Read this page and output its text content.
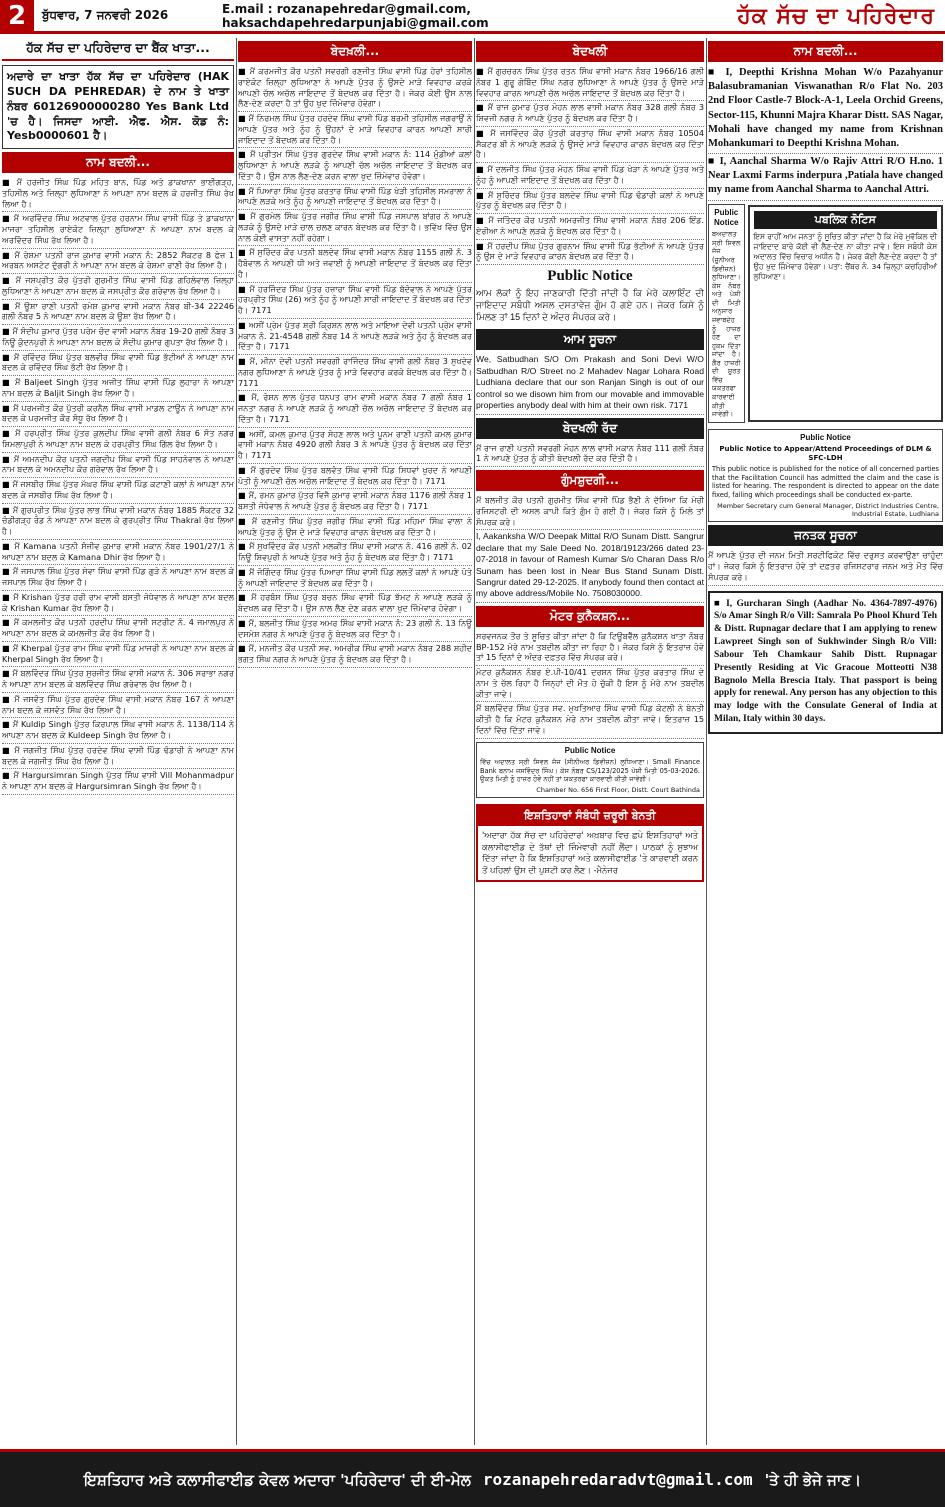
2	ਬੁੱਧਵਾਰ, 7 ਜਨਵਰੀ 2026	E.mail : rozanapehredar@gmail.com, haksachdapehredarpunjabi@gmail.com	ਹੱਕ ਸੱਚ ਦਾ ਪਹਿਰੇਦਾਰ
ਹੱਕ ਸੱਚ ਦਾ ਪਹਿਰੇਦਾਰ ਦਾ ਬੈਂਕ ਖਾਤਾ...
ਅਦਾਰੇ ਦਾ ਖਾਤਾ ਹੱਕ ਸੱਚ ਦਾ ਪਹਿਰੇਦਾਰ (HAK SUCH DA PEHREDAR) ਦੇ ਨਾਮ ਤੇ ਖਾਤਾ ਨੰਬਰ 60126900000280 Yes Bank Ltd 'ਚ ਹੈ। ਜਿਸਦਾ ਆਈ. ਐਫ. ਐਸ. ਕੋਡ ਨੰ: Yesb0000601 ਹੈ।
ਨਾਮ ਬਦਲੀ...
■ ਮੈਂ ਹਰਜੀਤ ਸਿੰਘ ਪਿੰਡ ਮਹਿਤ ਬਾਨ, ਪਿੰਡ ਅਤੇ ਡਾਕਖਾਨਾ ਭਾਈਗੜ੍ਹ, ਤਹਿਸੀਲ ਅਤੇ ਜ਼ਿਲ੍ਹਾ ਲੁਧਿਆਣਾ ਨੇ ਆਪਣਾ ਨਾਮ ਬਦਲ ਕੇ ਹਰਜੀਤ ਸਿੰਘ ਰੱਖ ਲਿਆ ਹੈ।
■ ਮੈਂ ਅਰਵਿੰਦਰ ਸਿੰਘ ਅਟਵਾਲ ਪੁੱਤਰ ਹਰਨਾਮ ਸਿੰਘ ਵਾਸੀ ਪਿੰਡ ਤੇ ਡਾਕਖਾਨਾ ਮਾਜਰਾ ਤਹਿਸੀਲ ਰਾਏਕੋਟ ਜ਼ਿਲ੍ਹਾ ਲੁਧਿਆਣਾ ਨੇ ਆਪਣਾ ਨਾਮ ਬਦਲ ਕੇ ਅਰਵਿੰਦਰ ਸਿੰਘ ਰੱਖ ਲਿਆ ਹੈ।
■ ਮੈਂ ਰੇਸ਼ਮਾ ਪਤਨੀ ਰਾਜ ਕੁਮਾਰ ਵਾਸੀ ਮਕਾਨ ਨੰ: 2852 ਸੈਕਟਰ 8 ਫੇਜ਼ 1 ਅਰਬਨ ਅਸਟੇਟ ਦੁੱਗਰੀ ਨੇ ਆਪਣਾ ਨਾਮ ਬਦਲ ਕੇ ਰੇਸ਼ਮਾ ਰਾਣੀ ਰੱਖ ਲਿਆ ਹੈ।
■ ਮੈਂ ਜਸਪ੍ਰੀਤ ਕੌਰ ਪੁੱਤਰੀ ਗੁਰਮੀਤ ਸਿੰਘ ਵਾਸੀ ਪਿੰਡ ਗਹਿਲੇਵਾਲ ਜ਼ਿਲ੍ਹਾ ਲੁਧਿਆਣਾ ਨੇ ਆਪਣਾ ਨਾਮ ਬਦਲ ਕੇ ਜਸਪ੍ਰੀਤ ਕੌਰ ਗਰੇਵਾਲ ਰੱਖ ਲਿਆ ਹੈ।
■ ਮੈਂ ਊਸ਼ਾ ਰਾਣੀ ਪਤਨੀ ਰਮੇਸ਼ ਕੁਮਾਰ ਵਾਸੀ ਮਕਾਨ ਨੰਬਰ ਬੀ-34 22246 ਗਲੀ ਨੰਬਰ 5 ਨੇ ਆਪਣਾ ਨਾਮ ਬਦਲ ਕੇ ਊਸ਼ਾ ਰੱਖ ਲਿਆ ਹੈ।
■ ਮੈਂ ਸੰਦੀਪ ਕੁਮਾਰ ਪੁੱਤਰ ਪਰੇਮ ਚੰਦ ਵਾਸੀ ਮਕਾਨ ਨੰਬਰ 19-20 ਗਲੀ ਨੰਬਰ 3 ਨਿਊ ਕੁੰਦਨਪੁਰੀ ਨੇ ਆਪਣਾ ਨਾਮ ਬਦਲ ਕੇ ਸੰਦੀਪ ਕੁਮਾਰ ਗੁਪਤਾ ਰੱਖ ਲਿਆ ਹੈ।
■ ਮੈਂ ਰਵਿੰਦਰ ਸਿੰਘ ਪੁੱਤਰ ਬਲਵੀਰ ਸਿੰਘ ਵਾਸੀ ਪਿੰਡ ਭੱਟੀਆਂ ਨੇ ਆਪਣਾ ਨਾਮ ਬਦਲ ਕੇ ਰਵਿੰਦਰ ਸਿੰਘ ਭੱਟੀ ਰੱਖ ਲਿਆ ਹੈ।
■ ਮੈਂ Baljeet Singh ਪੁੱਤਰ ਅਜੀਤ ਸਿੰਘ ਵਾਸੀ ਪਿੰਡ ਲੁਹਾਰਾ ਨੇ ਆਪਣਾ ਨਾਮ ਬਦਲ ਕੇ Baljit Singh ਰੱਖ ਲਿਆ ਹੈ।
■ ਮੈਂ ਪਰਮਜੀਤ ਕੌਰ ਪੁੱਤਰੀ ਕਰਨੈਲ ਸਿੰਘ ਵਾਸੀ ਮਾਡਲ ਟਾਊਨ ਨੇ ਆਪਣਾ ਨਾਮ ਬਦਲ ਕੇ ਪਰਮਜੀਤ ਕੌਰ ਸੰਧੂ ਰੱਖ ਲਿਆ ਹੈ।
■ ਮੈਂ ਹਰਪ੍ਰੀਤ ਸਿੰਘ ਪੁੱਤਰ ਕੁਲਦੀਪ ਸਿੰਘ ਵਾਸੀ ਗਲੀ ਨੰਬਰ 6 ਸੰਤ ਨਗਰ ਸ਼ਿਮਲਾਪੁਰੀ ਨੇ ਆਪਣਾ ਨਾਮ ਬਦਲ ਕੇ ਹਰਪ੍ਰੀਤ ਸਿੰਘ ਗਿੱਲ ਰੱਖ ਲਿਆ ਹੈ।
■ ਮੈਂ ਅਮਨਦੀਪ ਕੌਰ ਪਤਨੀ ਜਗਦੀਪ ਸਿੰਘ ਵਾਸੀ ਪਿੰਡ ਸਾਹਨੇਵਾਲ ਨੇ ਆਪਣਾ ਨਾਮ ਬਦਲ ਕੇ ਅਮਨਦੀਪ ਕੌਰ ਗਰੇਵਾਲ ਰੱਖ ਲਿਆ ਹੈ।
■ ਮੈਂ ਜਸਬੀਰ ਸਿੰਘ ਪੁੱਤਰ ਮੱਘਰ ਸਿੰਘ ਵਾਸੀ ਪਿੰਡ ਕਟਾਣੀ ਕਲਾਂ ਨੇ ਆਪਣਾ ਨਾਮ ਬਦਲ ਕੇ ਜਸਬੀਰ ਸਿੰਘ ਰੱਖ ਲਿਆ ਹੈ।
■ ਮੈਂ ਗੁਰਪ੍ਰੀਤ ਸਿੰਘ ਪੁੱਤਰ ਲਾਭ ਸਿੰਘ ਵਾਸੀ ਮਕਾਨ ਨੰਬਰ 1885 ਸੈਕਟਰ 32 ਚੰਡੀਗੜ੍ਹ ਰੋਡ ਨੇ ਆਪਣਾ ਨਾਮ ਬਦਲ ਕੇ ਗੁਰਪ੍ਰੀਤ ਸਿੰਘ Thakral ਰੱਖ ਲਿਆ ਹੈ।
■ ਮੈਂ Kamana ਪਤਨੀ ਸੰਜੀਵ ਕੁਮਾਰ ਵਾਸੀ ਮਕਾਨ ਨੰਬਰ 1901/27/1 ਨੇ ਆਪਣਾ ਨਾਮ ਬਦਲ ਕੇ Kamana Dhir ਰੱਖ ਲਿਆ ਹੈ।
■ ਮੈਂ ਜਸਪਾਲ ਸਿੰਘ ਪੁੱਤਰ ਸੇਵਾ ਸਿੰਘ ਵਾਸੀ ਪਿੰਡ ਗੁੜੇ ਨੇ ਆਪਣਾ ਨਾਮ ਬਦਲ ਕੇ ਜਸਪਾਲ ਸਿੰਘ ਰੱਖ ਲਿਆ ਹੈ।
■ ਮੈਂ Krishan ਪੁੱਤਰ ਹਰੀ ਰਾਮ ਵਾਸੀ ਬਸਤੀ ਜੋਧੇਵਾਲ ਨੇ ਆਪਣਾ ਨਾਮ ਬਦਲ ਕੇ Krishan Kumar ਰੱਖ ਲਿਆ ਹੈ।
■ ਮੈਂ ਕਮਲਜੀਤ ਕੌਰ ਪਤਨੀ ਹਰਦੀਪ ਸਿੰਘ ਵਾਸੀ ਸਟਰੀਟ ਨੰ. 4 ਜਮਾਲਪੁਰ ਨੇ ਆਪਣਾ ਨਾਮ ਬਦਲ ਕੇ ਕਮਲਜੀਤ ਕੌਰ ਰੱਖ ਲਿਆ ਹੈ।
■ ਮੈਂ Kherpal ਪੁੱਤਰ ਰਾਮ ਸਿੰਘ ਵਾਸੀ ਪਿੰਡ ਮਾਜਰੀ ਨੇ ਆਪਣਾ ਨਾਮ ਬਦਲ ਕੇ Kherpal Singh ਰੱਖ ਲਿਆ ਹੈ।
■ ਮੈਂ ਬਲਵਿੰਦਰ ਸਿੰਘ ਪੁੱਤਰ ਸੁਰਜੀਤ ਸਿੰਘ ਵਾਸੀ ਮਕਾਨ ਨੰ. 306 ਸਰਾਭਾ ਨਗਰ ਨੇ ਆਪਣਾ ਨਾਮ ਬਦਲ ਕੇ ਬਲਵਿੰਦਰ ਸਿੰਘ ਗਰੇਵਾਲ ਰੱਖ ਲਿਆ ਹੈ।
■ ਮੈਂ ਜਸਵੰਤ ਸਿੰਘ ਪੁੱਤਰ ਗੁਰਦੇਵ ਸਿੰਘ ਵਾਸੀ ਮਕਾਨ ਨੰਬਰ 167 ਨੇ ਆਪਣਾ ਨਾਮ ਬਦਲ ਕੇ ਜਸਵੰਤ ਸਿੰਘ ਰੱਖ ਲਿਆ ਹੈ।
■ ਮੈਂ Kuldip Singh ਪੁੱਤਰ ਕਿਰਪਾਲ ਸਿੰਘ ਵਾਸੀ ਮਕਾਨ ਨੰ. 1138/114 ਨੇ ਆਪਣਾ ਨਾਮ ਬਦਲ ਕੇ Kuldeep Singh ਰੱਖ ਲਿਆ ਹੈ।
■ ਮੈਂ ਜਗਜੀਤ ਸਿੰਘ ਪੁੱਤਰ ਹਰਦੇਵ ਸਿੰਘ ਵਾਸੀ ਪਿੰਡ ਢੰਡਾਰੀ ਨੇ ਆਪਣਾ ਨਾਮ ਬਦਲ ਕੇ ਜਗਜੀਤ ਸਿੰਘ ਰੱਖ ਲਿਆ ਹੈ।
■ ਮੈਂ Hargursimran Singh ਪੁੱਤਰ ਸਿੰਘ ਵਾਸੀ Vill Mohanmadpur ਨੇ ਆਪਣਾ ਨਾਮ ਬਦਲ ਕੇ Hargursimran Singh ਰੱਖ ਲਿਆ ਹੈ।
ਬੇਦਖ਼ਲੀ...
■ ਮੈਂ ਕਰਮਜੀਤ ਕੌਰ ਪਤਨੀ ਸਵਰਗੀ ਰਣਜੀਤ ਸਿੰਘ ਵਾਸੀ ਪਿੰਡ ਹੇਰਾਂ ਤਹਿਸੀਲ ਰਾਏਕੋਟ ਜ਼ਿਲ੍ਹਾ ਲੁਧਿਆਣਾ ਨੇ ਆਪਣੇ ਪੁੱਤਰ ਨੂੰ ਉਸਦੇ ਮਾੜੇ ਵਿਵਹਾਰ ਕਰਕੇ ਆਪਣੀ ਚੱਲ ਅਚੱਲ ਜਾਇਦਾਦ ਤੋਂ ਬੇਦਖਲ ਕਰ ਦਿੱਤਾ ਹੈ। ਜੇਕਰ ਕੋਈ ਉਸ ਨਾਲ ਲੈਣ-ਦੇਣ ਕਰਦਾ ਹੈ ਤਾਂ ਉਹ ਖੁਦ ਜ਼ਿੰਮੇਵਾਰ ਹੋਵੇਗਾ।
■ ਮੈਂ ਨਿਰਮਲ ਸਿੰਘ ਪੁੱਤਰ ਹਰਦੇਵ ਸਿੰਘ ਵਾਸੀ ਪਿੰਡ ਬਰਮੀ ਤਹਿਸੀਲ ਜਗਰਾਉਂ ਨੇ ਆਪਣੇ ਪੁੱਤਰ ਅਤੇ ਨੂੰਹ ਨੂੰ ਉਹਨਾਂ ਦੇ ਮਾੜੇ ਵਿਵਹਾਰ ਕਾਰਨ ਆਪਣੀ ਸਾਰੀ ਜਾਇਦਾਦ ਤੋਂ ਬੇਦਖਲ ਕਰ ਦਿੱਤਾ ਹੈ।
■ ਮੈਂ ਪ੍ਰੀਤਮ ਸਿੰਘ ਪੁੱਤਰ ਗੁਰਦੇਵ ਸਿੰਘ ਵਾਸੀ ਮਕਾਨ ਨੰ: 114 ਮੁੰਡੀਆਂ ਕਲਾਂ ਲੁਧਿਆਣਾ ਨੇ ਆਪਣੇ ਲੜਕੇ ਨੂੰ ਆਪਣੀ ਚੱਲ ਅਚੱਲ ਜਾਇਦਾਦ ਤੋਂ ਬੇਦਖਲ ਕਰ ਦਿੱਤਾ ਹੈ। ਉਸ ਨਾਲ ਲੈਣ-ਦੇਣ ਕਰਨ ਵਾਲਾ ਖੁਦ ਜ਼ਿੰਮੇਵਾਰ ਹੋਵੇਗਾ।
■ ਮੈਂ ਪਿਆਰਾ ਸਿੰਘ ਪੁੱਤਰ ਕਰਤਾਰ ਸਿੰਘ ਵਾਸੀ ਪਿੰਡ ਖੇੜੀ ਤਹਿਸੀਲ ਸਮਰਾਲਾ ਨੇ ਆਪਣੇ ਲੜਕੇ ਅਤੇ ਨੂੰਹ ਨੂੰ ਆਪਣੀ ਜਾਇਦਾਦ ਤੋਂ ਬੇਦਖਲ ਕਰ ਦਿੱਤਾ ਹੈ।
■ ਮੈਂ ਗੁਰਮੇਲ ਸਿੰਘ ਪੁੱਤਰ ਜਗੀਰ ਸਿੰਘ ਵਾਸੀ ਪਿੰਡ ਜਸਪਾਲ ਬਾਂਗਰ ਨੇ ਆਪਣੇ ਲੜਕੇ ਨੂੰ ਉਸਦੇ ਮਾੜੇ ਚਾਲ ਚਲਣ ਕਾਰਨ ਬੇਦਖਲ ਕਰ ਦਿੱਤਾ ਹੈ। ਭਵਿੱਖ ਵਿੱਚ ਉਸ ਨਾਲ ਕੋਈ ਵਾਸਤਾ ਨਹੀਂ ਰਹੇਗਾ।
■ ਮੈਂ ਸੁਰਿੰਦਰ ਕੌਰ ਪਤਨੀ ਬਲਦੇਵ ਸਿੰਘ ਵਾਸੀ ਮਕਾਨ ਨੰਬਰ 1155 ਗਲੀ ਨੰ. 3 ਹੈਬੋਵਾਲ ਨੇ ਆਪਣੀ ਧੀ ਅਤੇ ਜਵਾਈ ਨੂੰ ਆਪਣੀ ਜਾਇਦਾਦ ਤੋਂ ਬੇਦਖਲ ਕਰ ਦਿੱਤਾ ਹੈ।
■ ਮੈਂ ਹਰਜਿੰਦਰ ਸਿੰਘ ਪੁੱਤਰ ਹਜ਼ਾਰਾ ਸਿੰਘ ਵਾਸੀ ਪਿੰਡ ਬੱਦੋਵਾਲ ਨੇ ਆਪਣੇ ਪੁੱਤਰ ਹਰਪ੍ਰੀਤ ਸਿੰਘ (26) ਅਤੇ ਨੂੰਹ ਨੂੰ ਆਪਣੀ ਸਾਰੀ ਜਾਇਦਾਦ ਤੋਂ ਬੇਦਖਲ ਕਰ ਦਿੱਤਾ ਹੈ। 7171
■ ਅਸੀਂ ਪ੍ਰੇਮ ਪੁੱਤਰ ਸ਼੍ਰੀ ਕ੍ਰਿਸ਼ਨ ਲਾਲ ਅਤੇ ਮਾਇਆ ਦੇਵੀ ਪਤਨੀ ਪ੍ਰੇਮ ਵਾਸੀ ਮਕਾਨ ਨੰ. 21-4548 ਗਲੀ ਨੰਬਰ 14 ਨੇ ਆਪਣੇ ਲੜਕੇ ਅਤੇ ਨੂੰਹ ਨੂੰ ਬੇਦਖਲ ਕਰ ਦਿੱਤਾ ਹੈ। 7171
■ ਮੈਂ, ਮੀਨਾ ਦੇਵੀ ਪਤਨੀ ਸਵਰਗੀ ਰਾਜਿੰਦਰ ਸਿੰਘ ਵਾਸੀ ਗਲੀ ਨੰਬਰ 3 ਸੁਖਦੇਵ ਨਗਰ ਲੁਧਿਆਣਾ ਨੇ ਆਪਣੇ ਪੁੱਤਰ ਨੂੰ ਮਾੜੇ ਵਿਵਹਾਰ ਕਰਕੇ ਬੇਦਖਲ ਕਰ ਦਿੱਤਾ ਹੈ। 7171
■ ਮੈਂ, ਰੋਸ਼ਨ ਲਾਲ ਪੁੱਤਰ ਧਨਪਤ ਰਾਮ ਵਾਸੀ ਮਕਾਨ ਨੰਬਰ 7 ਗਲੀ ਨੰਬਰ 1 ਜਨਤਾ ਨਗਰ ਨੇ ਆਪਣੇ ਲੜਕੇ ਨੂੰ ਆਪਣੀ ਚੱਲ ਅਚੱਲ ਜਾਇਦਾਦ ਤੋਂ ਬੇਦਖਲ ਕਰ ਦਿੱਤਾ ਹੈ। 7171
■ ਅਸੀਂ, ਕਮਲ ਕੁਮਾਰ ਪੁੱਤਰ ਸੋਹਣ ਲਾਲ ਅਤੇ ਪੂਨਮ ਰਾਣੀ ਪਤਨੀ ਕਮਲ ਕੁਮਾਰ ਵਾਸੀ ਮਕਾਨ ਨੰਬਰ 4920 ਗਲੀ ਨੰਬਰ 3 ਨੇ ਆਪਣੇ ਪੁੱਤਰ ਨੂੰ ਬੇਦਖਲ ਕਰ ਦਿੱਤਾ ਹੈ। 7171
■ ਮੈਂ ਗੁਰਦੇਵ ਸਿੰਘ ਪੁੱਤਰ ਬਲਵੰਤ ਸਿੰਘ ਵਾਸੀ ਪਿੰਡ ਸਿਧਵਾਂ ਖੁਰਦ ਨੇ ਆਪਣੀ ਪੋਤੀ ਨੂੰ ਆਪਣੀ ਚੱਲ ਅਚੱਲ ਜਾਇਦਾਦ ਤੋਂ ਬੇਦਖਲ ਕਰ ਦਿੱਤਾ ਹੈ। 7171
■ ਮੈਂ, ਰਮਨ ਕੁਮਾਰ ਪੁੱਤਰ ਵਿਜੈ ਕੁਮਾਰ ਵਾਸੀ ਮਕਾਨ ਨੰਬਰ 1176 ਗਲੀ ਨੰਬਰ 1 ਬਸਤੀ ਜੋਧੇਵਾਲ ਨੇ ਆਪਣੇ ਪੁੱਤਰ ਨੂੰ ਬੇਦਖਲ ਕਰ ਦਿੱਤਾ ਹੈ। 7171
■ ਮੈਂ ਰਣਜੀਤ ਸਿੰਘ ਪੁੱਤਰ ਜਗੀਰ ਸਿੰਘ ਵਾਸੀ ਪਿੰਡ ਮਹਿਮਾ ਸਿੰਘ ਵਾਲਾ ਨੇ ਆਪਣੇ ਪੁੱਤਰ ਨੂੰ ਉਸ ਦੇ ਮਾੜੇ ਵਿਵਹਾਰ ਕਾਰਨ ਬੇਦਖਲ ਕਰ ਦਿੱਤਾ ਹੈ।
■ ਮੈਂ ਸੁਖਵਿੰਦਰ ਕੌਰ ਪਤਨੀ ਮਲਕੀਤ ਸਿੰਘ ਵਾਸੀ ਮਕਾਨ ਨੰ. 416 ਗਲੀ ਨੰ. 02 ਨਿਊ ਸ਼ਿਵਪੁਰੀ ਨੇ ਆਪਣੇ ਪੁੱਤਰ ਅਤੇ ਨੂੰਹ ਨੂੰ ਬੇਦਖਲ ਕਰ ਦਿੱਤਾ ਹੈ। 7171
■ ਮੈਂ ਜੋਗਿੰਦਰ ਸਿੰਘ ਪੁੱਤਰ ਪਿਆਰਾ ਸਿੰਘ ਵਾਸੀ ਪਿੰਡ ਲਲਤੋਂ ਕਲਾਂ ਨੇ ਆਪਣੇ ਪੋਤੇ ਨੂੰ ਆਪਣੀ ਜਾਇਦਾਦ ਤੋਂ ਬੇਦਖਲ ਕਰ ਦਿੱਤਾ ਹੈ।
■ ਮੈਂ ਹਰਬੰਸ ਸਿੰਘ ਪੁੱਤਰ ਬਚਨ ਸਿੰਘ ਵਾਸੀ ਪਿੰਡ ਝੱਮਟ ਨੇ ਆਪਣੇ ਲੜਕੇ ਨੂੰ ਬੇਦਖਲ ਕਰ ਦਿੱਤਾ ਹੈ। ਉਸ ਨਾਲ ਲੈਣ ਦੇਣ ਕਰਨ ਵਾਲਾ ਖੁਦ ਜ਼ਿੰਮੇਵਾਰ ਹੋਵੇਗਾ।
■ ਮੈਂ, ਬਲਜੀਤ ਸਿੰਘ ਪੁੱਤਰ ਅਮਰ ਸਿੰਘ ਵਾਸੀ ਮਕਾਨ ਨੰ: 23 ਗਲੀ ਨੰ. 13 ਨਿਊ ਦਸਮੇਸ਼ ਨਗਰ ਨੇ ਆਪਣੇ ਪੁੱਤਰ ਨੂੰ ਬੇਦਖਲ ਕਰ ਦਿੱਤਾ ਹੈ।
■ ਮੈਂ, ਮਨਜੀਤ ਕੌਰ ਪਤਨੀ ਸਵ. ਅਮਰੀਕ ਸਿੰਘ ਵਾਸੀ ਮਕਾਨ ਨੰਬਰ 288 ਸ਼ਹੀਦ ਭਗਤ ਸਿੰਘ ਨਗਰ ਨੇ ਆਪਣੇ ਪੁੱਤਰ ਨੂੰ ਬੇਦਖਲ ਕਰ ਦਿੱਤਾ ਹੈ।
ਬੇਦਖਲੀ
■ ਮੈਂ ਗੁਰਚਰਨ ਸਿੰਘ ਪੁੱਤਰ ਰਤਨ ਸਿੰਘ ਵਾਸੀ ਮਕਾਨ ਨੰਬਰ 1966/16 ਗਲੀ ਨੰਬਰ 1 ਗੁਰੂ ਗੋਬਿੰਦ ਸਿੰਘ ਨਗਰ ਲੁਧਿਆਣਾ ਨੇ ਆਪਣੇ ਪੁੱਤਰ ਨੂੰ ਉਸਦੇ ਮਾੜੇ ਵਿਵਹਾਰ ਕਾਰਨ ਆਪਣੀ ਚੱਲ ਅਚੱਲ ਜਾਇਦਾਦ ਤੋਂ ਬੇਦਖਲ ਕਰ ਦਿੱਤਾ ਹੈ।
■ ਮੈਂ ਰਾਜ ਕੁਮਾਰ ਪੁੱਤਰ ਮੋਹਨ ਲਾਲ ਵਾਸੀ ਮਕਾਨ ਨੰਬਰ 328 ਗਲੀ ਨੰਬਰ 3 ਸ਼ਿਵਜੀ ਨਗਰ ਨੇ ਆਪਣੇ ਪੁੱਤਰ ਨੂੰ ਬੇਦਖਲ ਕਰ ਦਿੱਤਾ ਹੈ।
■ ਮੈਂ ਜਸਵਿੰਦਰ ਕੌਰ ਪੁੱਤਰੀ ਕਰਤਾਰ ਸਿੰਘ ਵਾਸੀ ਮਕਾਨ ਨੰਬਰ 10504 ਸੈਕਟਰ ਬੀ ਨੇ ਆਪਣੇ ਲੜਕੇ ਨੂੰ ਉਸਦੇ ਮਾੜੇ ਵਿਵਹਾਰ ਕਾਰਨ ਬੇਦਖਲ ਕਰ ਦਿੱਤਾ ਹੈ।
■ ਮੈਂ ਦਲਜੀਤ ਸਿੰਘ ਪੁੱਤਰ ਮੋਹਨ ਸਿੰਘ ਵਾਸੀ ਪਿੰਡ ਖੇੜਾ ਨੇ ਆਪਣੇ ਪੁੱਤਰ ਅਤੇ ਨੂੰਹ ਨੂੰ ਆਪਣੀ ਜਾਇਦਾਦ ਤੋਂ ਬੇਦਖਲ ਕਰ ਦਿੱਤਾ ਹੈ।
■ ਮੈਂ ਸੁਰਿੰਦਰ ਸਿੰਘ ਪੁੱਤਰ ਬਲਦੇਵ ਸਿੰਘ ਵਾਸੀ ਪਿੰਡ ਢੰਡਾਰੀ ਕਲਾਂ ਨੇ ਆਪਣੇ ਪੁੱਤਰ ਨੂੰ ਬੇਦਖਲ ਕਰ ਦਿੱਤਾ ਹੈ।
■ ਮੈਂ ਜਤਿੰਦਰ ਕੌਰ ਪਤਨੀ ਅਮਰਜੀਤ ਸਿੰਘ ਵਾਸੀ ਮਕਾਨ ਨੰਬਰ 206 ਇੰਡ. ਏਰੀਆ ਨੇ ਆਪਣੇ ਲੜਕੇ ਨੂੰ ਬੇਦਖਲ ਕਰ ਦਿੱਤਾ ਹੈ।
■ ਮੈਂ ਹਰਦੀਪ ਸਿੰਘ ਪੁੱਤਰ ਗੁਰਨਾਮ ਸਿੰਘ ਵਾਸੀ ਪਿੰਡ ਭੱਟੀਆਂ ਨੇ ਆਪਣੇ ਪੁੱਤਰ ਨੂੰ ਉਸ ਦੇ ਮਾੜੇ ਵਿਵਹਾਰ ਕਾਰਨ ਬੇਦਖਲ ਕਰ ਦਿੱਤਾ ਹੈ।
Public Notice
ਆਮ ਲੋਕਾਂ ਨੂੰ ਇਹ ਜਾਣਕਾਰੀ ਦਿੱਤੀ ਜਾਂਦੀ ਹੈ ਕਿ ਮੇਰੇ ਕਲਾਇੰਟ ਦੀ ਜਾਇਦਾਦ ਸਬੰਧੀ ਅਸਲ ਦਸਤਾਵੇਜ਼ ਗੁੰਮ ਹੋ ਗਏ ਹਨ। ਜੇਕਰ ਕਿਸੇ ਨੂੰ ਮਿਲਣ ਤਾਂ 15 ਦਿਨਾਂ ਦੇ ਅੰਦਰ ਸੰਪਰਕ ਕਰੇ।
ਆਮ ਸੂਚਨਾ
We, Satbudhan S/O Om Prakash and Soni Devi W/O Satbudhan R/O Street no 2 Mahadev Nagar Lohara Road Ludhiana declare that our son Ranjan Singh is out of our control so we disown him from our movable and immovable properties anybody deal with him at their own risk. 7171
ਬੇਦਖਲੀ ਰੱਦ
ਮੈਂ ਰਾਜ ਰਾਣੀ ਪਤਨੀ ਸਵਰਗੀ ਮੋਹਨ ਲਾਲ ਵਾਸੀ ਮਕਾਨ ਨੰਬਰ 111 ਗਲੀ ਨੰਬਰ 1 ਨੇ ਆਪਣੇ ਪੁੱਤਰ ਨੂੰ ਕੀਤੀ ਬੇਦਖਲੀ ਰੱਦ ਕਰ ਦਿੱਤੀ ਹੈ।
ਗੁੰਮਸ਼ੁਦਗੀ...
ਮੈਂ ਬਲਜੀਤ ਕੌਰ ਪਤਨੀ ਗੁਰਮੀਤ ਸਿੰਘ ਵਾਸੀ ਪਿੰਡ ਭੈਣੀ ਨੇ ਦੱਸਿਆ ਕਿ ਮੇਰੀ ਰਜਿਸਟਰੀ ਦੀ ਅਸਲ ਕਾਪੀ ਕਿਤੇ ਗੁੰਮ ਹੋ ਗਈ ਹੈ। ਜੇਕਰ ਕਿਸੇ ਨੂੰ ਮਿਲੇ ਤਾਂ ਸੰਪਰਕ ਕਰੇ।
I, Aakanksha W/O Deepak Mittal R/O Sunam Distt. Sangrur declare that my Sale Deed No. 2018/19123/266 dated 23-07-2018 in favour of Ramesh Kumar S/o Charan Dass R/o Sunam has been lost in Near Bus Stand Sunam Distt. Sangrur dated 29-12-2025. If anybody found then contact at my above address/Mobile No. 7508030000.
ਮੋਟਰ ਕੁਨੈਕਸ਼ਨ...
ਸਰਵਜਨਕ ਤੌਰ ਤੇ ਸੂਚਿਤ ਕੀਤਾ ਜਾਂਦਾ ਹੈ ਕਿ ਟਿਊਬਵੈੱਲ ਕੁਨੈਕਸ਼ਨ ਖਾਤਾ ਨੰਬਰ BP-152 ਮੇਰੇ ਨਾਮ ਤਬਦੀਲ ਕੀਤਾ ਜਾ ਰਿਹਾ ਹੈ। ਜੇਕਰ ਕਿਸੇ ਨੂੰ ਇਤਰਾਜ਼ ਹੋਵੇ ਤਾਂ 15 ਦਿਨਾਂ ਦੇ ਅੰਦਰ ਦਫ਼ਤਰ ਵਿੱਚ ਸੰਪਰਕ ਕਰੇ।
ਮੋਟਰ ਕੁਨੈਕਸ਼ਨ ਨੰਬਰ ਏ.ਪੀ-10/41 ਦਰਸ਼ਨ ਸਿੰਘ ਪੁੱਤਰ ਕਰਤਾਰ ਸਿੰਘ ਦੇ ਨਾਮ ਤੇ ਚੱਲ ਰਿਹਾ ਹੈ ਜਿਨ੍ਹਾਂ ਦੀ ਮੌਤ ਹੋ ਚੁੱਕੀ ਹੈ ਇਸ ਨੂੰ ਮੇਰੇ ਨਾਮ ਤਬਦੀਲ ਕੀਤਾ ਜਾਵੇ।
ਮੈਂ ਬਲਵਿੰਦਰ ਸਿੰਘ ਪੁੱਤਰ ਸਵ. ਮੁਖਤਿਆਰ ਸਿੰਘ ਵਾਸੀ ਪਿੰਡ ਕੋਟਲੀ ਨੇ ਬੇਨਤੀ ਕੀਤੀ ਹੈ ਕਿ ਮੋਟਰ ਕੁਨੈਕਸ਼ਨ ਮੇਰੇ ਨਾਮ ਤਬਦੀਲ ਕੀਤਾ ਜਾਵੇ। ਇਤਰਾਜ਼ 15 ਦਿਨਾਂ ਵਿੱਚ ਦਿੱਤਾ ਜਾਵੇ।
Public Notice
ਵਿੱਚ ਅਦਾਲਤ ਸ੍ਰੀ ਸਿਵਲ ਜੱਜ (ਸੀਨੀਅਰ ਡਿਵੀਜ਼ਨ) ਲੁਧਿਆਣਾ। Small Finance Bank ਬਨਾਮ ਜਸਵਿੰਦਰ ਸਿੰਘ। ਕੇਸ ਨੰਬਰ CS/123/2025 ਪੇਸ਼ੀ ਮਿਤੀ 05-03-2026. ਉਕਤ ਮਿਤੀ ਨੂੰ ਹਾਜ਼ਰ ਹੋਵੋ ਨਹੀਂ ਤਾਂ ਯਕਤਰਫਾ ਕਾਰਵਾਈ ਕੀਤੀ ਜਾਵੇਗੀ।
Chamber No. 656 First Floor, Distt. Court Bathinda
ਇਸ਼ਤਿਹਾਰਾਂ ਸੰਬੰਧੀ ਜ਼ਰੂਰੀ ਬੇਨਤੀ
'ਅਦਾਰਾ ਹੱਕ ਸੱਚ ਦਾ ਪਹਿਰੇਦਾਰ' ਅਖ਼ਬਾਰ ਵਿਚ ਛਪੇ ਇਸ਼ਤਿਹਾਰਾਂ ਅਤੇ ਕਲਾਸੀਫਾਈਡ ਦੇ ਤੱਥਾਂ ਦੀ ਜਿੰਮੇਵਾਰੀ ਨਹੀਂ ਲੈਂਦਾ। ਪਾਠਕਾਂ ਨੂੰ ਸੁਝਾਅ ਦਿੱਤਾ ਜਾਂਦਾ ਹੈ ਕਿ ਇਸ਼ਤਿਹਾਰਾਂ ਅਤੇ ਕਲਾਸੀਫਾਈਡ 'ਤੇ ਕਾਰਵਾਈ ਕਰਨ ਤੋਂ ਪਹਿਲਾਂ ਉਸ ਦੀ ਪੁਸ਼ਟੀ ਕਰ ਲੈਣ। -ਮੈਨੇਜਰ
ਨਾਮ ਬਦਲੀ...
■ I, Deepthi Krishna Mohan W/o Pazahyanur Balasubramanian Viswanathan R/o Flat No. 203 2nd Floor Castle-7 Block-A-1, Leela Orchid Greens, Sector-115, Khunni Majra Kharar Distt. SAS Nagar, Mohali have changed my name from Krishnan Mohankumari to Deepthi Krishna Mohan.
■ I, Aanchal Sharma W/o Rajiv Attri R/O H.no. 1 Near Laxmi Farms inderpura ,Patiala have changed my name from Aanchal Sharma to Aanchal Attri.
Public Notice
ਬਅਦਾਲਤ ਸ੍ਰੀ ਸਿਵਲ ਜੱਜ (ਜੂਨੀਅਰ ਡਿਵੀਜ਼ਨ) ਲੁਧਿਆਣਾ। ਕੇਸ ਨੰਬਰ ਅਤੇ ਪੇਸ਼ੀ ਦੀ ਮਿਤੀ ਅਨੁਸਾਰ ਜਵਾਬਦੇਹ ਨੂੰ ਹਾਜ਼ਰ ਹੋਣ ਦਾ ਹੁਕਮ ਦਿੱਤਾ ਜਾਂਦਾ ਹੈ। ਗੈਰ ਹਾਜ਼ਰੀ ਦੀ ਸੂਰਤ ਵਿੱਚ ਯਕਤਰਫਾ ਕਾਰਵਾਈ ਕੀਤੀ ਜਾਵੇਗੀ।
ਪਬਲਿਕ ਨੋਟਿਸ
ਇਸ ਰਾਹੀਂ ਆਮ ਜਨਤਾ ਨੂੰ ਸੂਚਿਤ ਕੀਤਾ ਜਾਂਦਾ ਹੈ ਕਿ ਮੇਰੇ ਮੁਵੱਕਿਲ ਦੀ ਜਾਇਦਾਦ ਬਾਰੇ ਕੋਈ ਵੀ ਲੈਣ-ਦੇਣ ਨਾ ਕੀਤਾ ਜਾਵੇ। ਇਸ ਸਬੰਧੀ ਕੇਸ ਅਦਾਲਤ ਵਿੱਚ ਵਿਚਾਰ ਅਧੀਨ ਹੈ। ਜੇਕਰ ਕੋਈ ਲੈਣ-ਦੇਣ ਕਰਦਾ ਹੈ ਤਾਂ ਉਹ ਖੁਦ ਜ਼ਿੰਮੇਵਾਰ ਹੋਵੇਗਾ। ਪਤਾ: ਚੈਂਬਰ ਨੰ. 34 ਜ਼ਿਲ੍ਹਾ ਕਚਹਿਰੀਆਂ ਲੁਧਿਆਣਾ।
Public Notice
Public Notice to Appear/Attend Proceedings of DLM & SFC-LDH
This public notice is published for the notice of all concerned parties that the Facilitation Council has admitted the claim and the case is listed for hearing. The respondent is directed to appear on the date fixed, failing which proceedings shall be conducted ex-parte.
Member Secretary cum General Manager, District Industries Centre, Industrial Estate, Ludhiana
ਜਨਤਕ ਸੂਚਨਾ
ਮੈਂ ਆਪਣੇ ਪੁੱਤਰ ਦੀ ਜਨਮ ਮਿਤੀ ਸਰਟੀਫਿਕੇਟ ਵਿੱਚ ਦਰੁਸਤ ਕਰਵਾਉਣਾ ਚਾਹੁੰਦਾ ਹਾਂ। ਜੇਕਰ ਕਿਸੇ ਨੂੰ ਇਤਰਾਜ਼ ਹੋਵੇ ਤਾਂ ਦਫ਼ਤਰ ਰਜਿਸਟਰਾਰ ਜਨਮ ਅਤੇ ਮੌਤ ਵਿੱਚ ਸੰਪਰਕ ਕਰੇ।
■ I, Gurcharan Singh (Aadhar No. 4364-7897-4976) S/o Amar Singh R/o Vill: Samrala Po Phool Khurd Teh & Distt. Rupnagar declare that I am applying to renew Lawpreet Singh son of Sukhwinder Singh R/o Vill: Sabour Teh Chamkaur Sahib Distt. Rupnagar Presently Residing at Vic Gracoue Motteotti N38 Bagnolo Mella Brescia Italy. That passport is being apply for renewal. Any person has any objection to this may lodge with the Consulate General of India at Milan, Italy within 30 days.
ਇਸ਼ਤਿਹਾਰ ਅਤੇ ਕਲਾਸੀਫਾਈਡ ਕੇਵਲ ਅਦਾਰਾ 'ਪਹਿਰੇਦਾਰ' ਦੀ ਈ-ਮੇਲ rozanapehredaradvt@gmail.com 'ਤੇ ਹੀ ਭੇਜੇ ਜਾਣ।
